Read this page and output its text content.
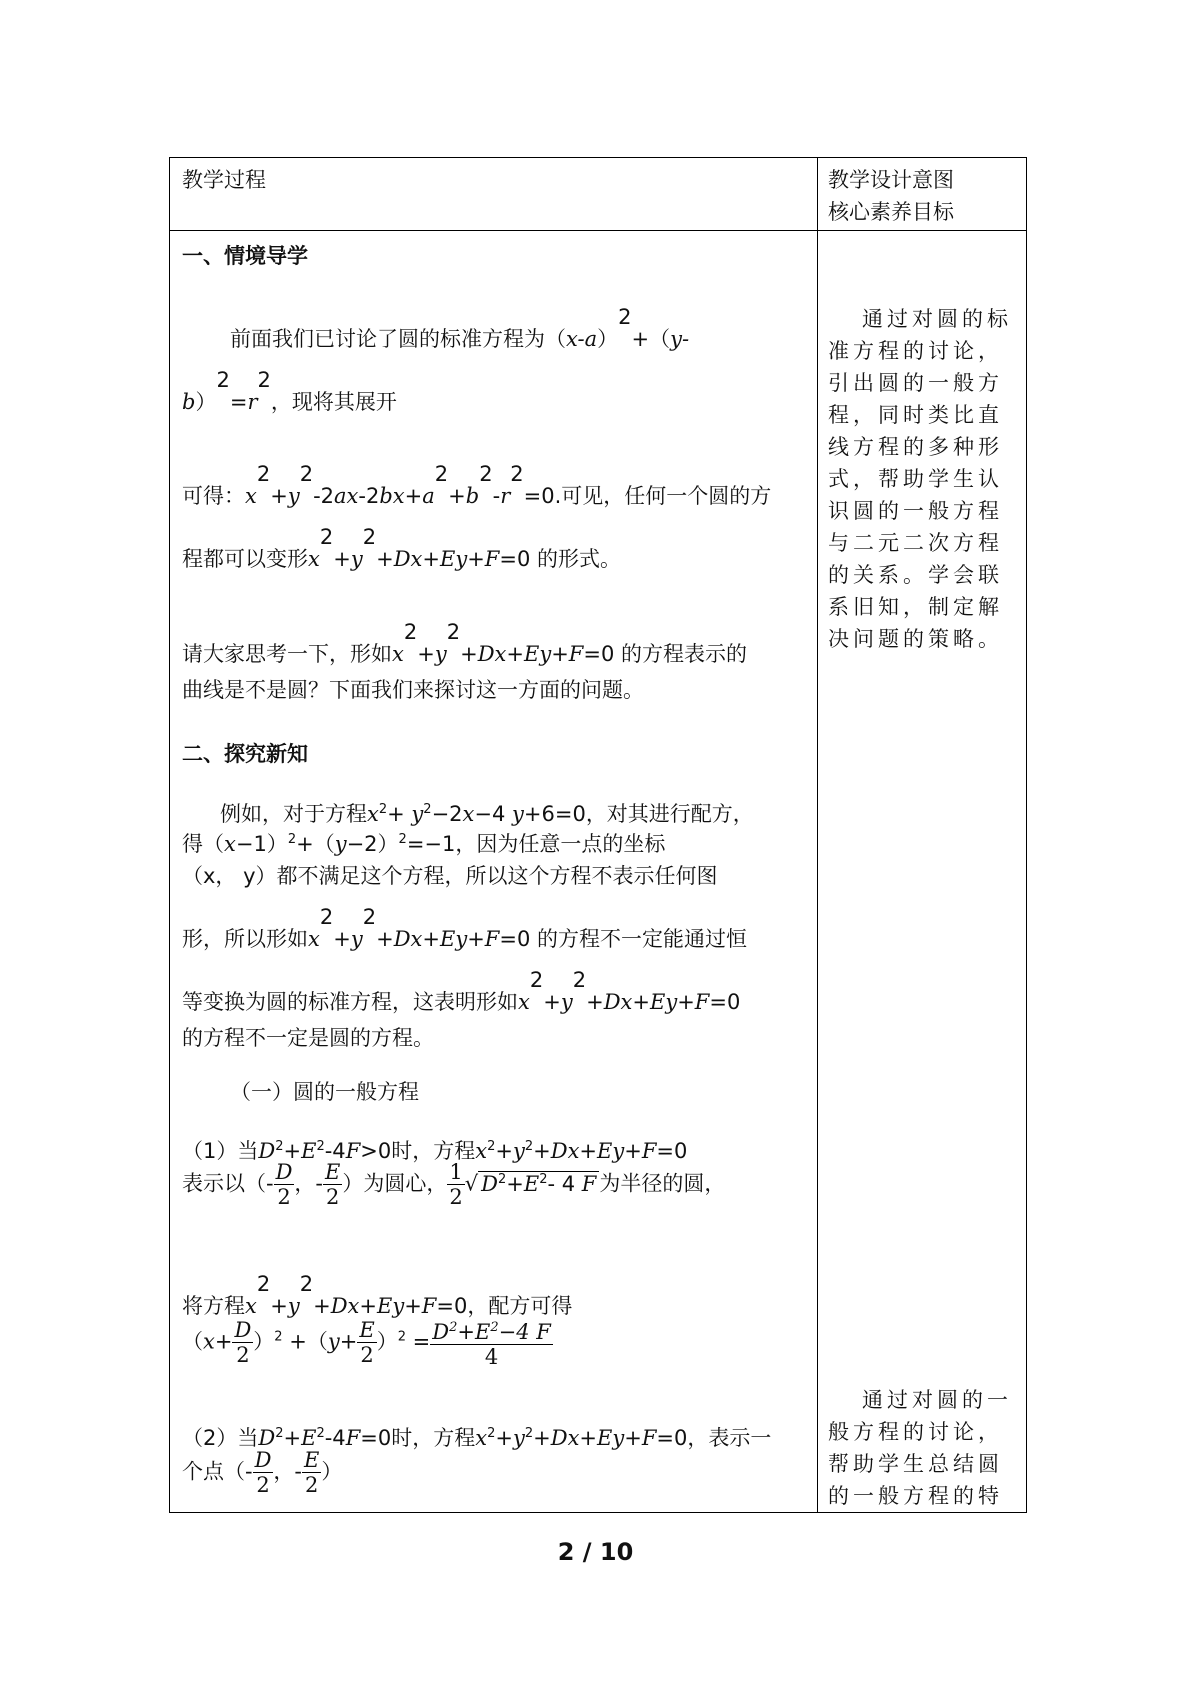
教学过程	教学设计意图
核心素养目标
一、情境导学
前面我们已讨论了圆的标准方程为（x-a）2+（y-
b）2=r2，现将其展开
可得：x2+y2-2ax-2bx+a2+b2-r2=0.可见，任何一个圆的方
程都可以变形x2+y2+Dx+Ey+F=0 的形式。
请大家思考一下，形如x2+y2+Dx+Ey+F=0 的方程表示的
曲线是不是圆？下面我们来探讨这一方面的问题。
二、探究新知
例如，对于方程$x^2+ y^2-2x-4$ y+6=0，对其进行配方，
得$(x-1)^2+(y-2)^2=-1$，因为任意一点的坐标
（x， y）都不满足这个方程，所以这个方程不表示任何图
形，所以形如x2+y2+Dx+Ey+F=0 的方程不一定能通过恒
等变换为圆的标准方程，这表明形如x2+y2+Dx+Ey+F=0
的方程不一定是圆的方程。
（一）圆的一般方程
（1）当$D^2+E^2-4F>0$时，方程$x^2+y^2+Dx+Ey+F=0$
表示以（- $\frac{D}{2}$ ，- $\frac{E}{2}$ ）为圆心， $\frac{1}{2}$ √ $D^2+E^2-$ 4 F 为半径的圆，
将方程x2+y2+Dx+Ey+F=0，配方可得
$(x+ \frac{D}{2} )^2 +(y+ \frac{E}{2} )^2 = \frac{D^2+E^2-4 F}{4}$
（2）当$D^2+E^2-4F=0$时，方程$x^2+y^2+Dx+Ey+F=0$，表示一
个点（- $\frac{D}{2}$ ，- $\frac{E}{2}$ ）
通过对圆的标
准方程的讨论，
引出圆的一般方
程，同时类比直
线方程的多种形
式，帮助学生认
识圆的一般方程
与二元二次方程
的关系。学会联
系旧知，制定解
决问题的策略。
通过对圆的一
般方程的讨论，
帮助学生总结圆
的一般方程的特
2 / 10
